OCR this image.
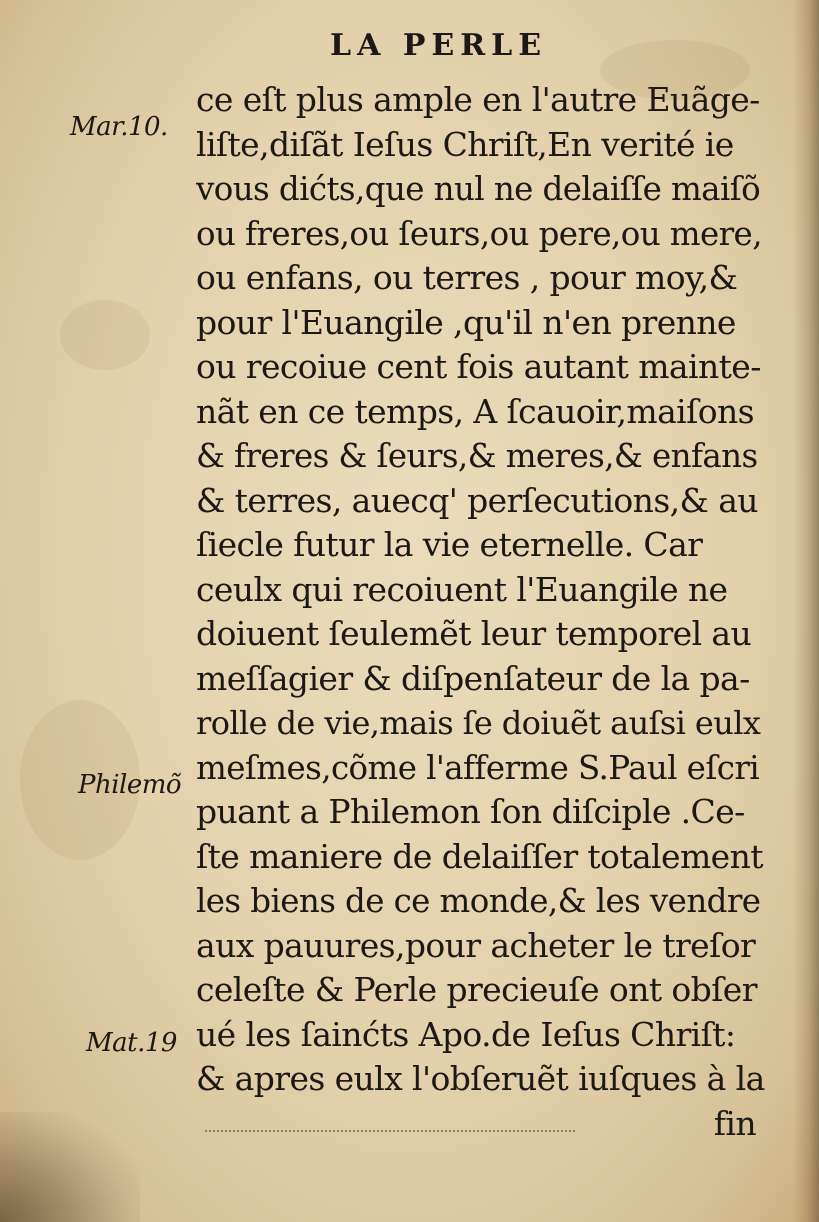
LA PERLE
Mar.10.
Philemõ
Mat.19
ce eſt plus ample en l'autre Euãge-
liſte,diſãt Ieſus Chriſt,En verité ie
vous dićts,que nul ne delaiſſe maiſõ
ou freres,ou ſeurs,ou pere,ou mere,
ou enfans, ou terres , pour moy,&
pour l'Euangile ,qu'il n'en prenne
ou recoiue cent fois autant mainte-
nãt en ce temps, A ſcauoir,maiſons
& freres & ſeurs,& meres,& enfans
& terres, auecq' perſecutions,& au
ſiecle futur la vie eternelle. Car
ceulx qui recoiuent l'Euangile ne
doiuent ſeulemẽt leur temporel au
meſſagier & diſpenſateur de la pa-
rolle de vie,mais ſe doiuẽt auſsi eulx
meſmes,cõme l'afferme S.Paul eſcri
puant a Philemon ſon diſciple .Ce-
ſte maniere de delaiſſer totalement
les biens de ce monde,& les vendre
aux pauures,pour acheter le treſor
celeſte & Perle precieuſe ont obſer
ué les ſainćts Apo.de Ieſus Chriſt:
& apres eulx l'obſeruẽt iuſques à la
fin
